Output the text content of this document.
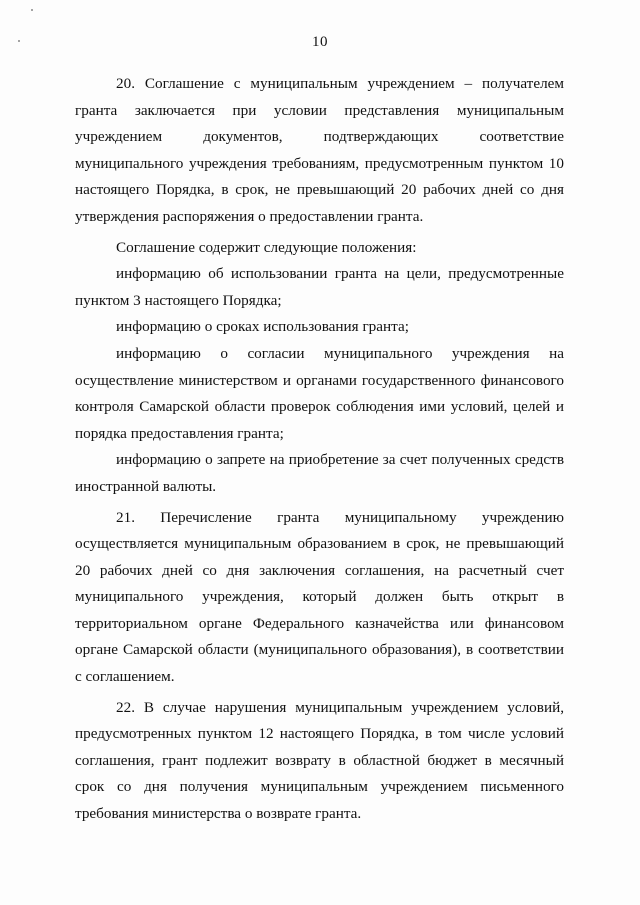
10

20. Соглашение с муниципальным учреждением – получателем гранта заключается при условии представления муниципальным учреждением документов, подтверждающих соответствие муниципального учреждения требованиям, предусмотренным пунктом 10 настоящего Порядка, в срок, не превышающий 20 рабочих дней со дня утверждения распоряжения о предоставлении гранта.

Соглашение содержит следующие положения:

информацию об использовании гранта на цели, предусмотренные пунктом 3 настоящего Порядка;

информацию о сроках использования гранта;

информацию о согласии муниципального учреждения на осуществление министерством и органами государственного финансового контроля Самарской области проверок соблюдения ими условий, целей и порядка предоставления гранта;

информацию о запрете на приобретение за счет полученных средств иностранной валюты.

21. Перечисление гранта муниципальному учреждению осуществляется муниципальным образованием в срок, не превышающий 20 рабочих дней со дня заключения соглашения, на расчетный счет муниципального учреждения, который должен быть открыт в территориальном органе Федерального казначейства или финансовом органе Самарской области (муниципального образования), в соответствии с соглашением.

22. В случае нарушения муниципальным учреждением условий, предусмотренных пунктом 12 настоящего Порядка, в том числе условий соглашения, грант подлежит возврату в областной бюджет в месячный срок со дня получения муниципальным учреждением письменного требования министерства о возврате гранта.
